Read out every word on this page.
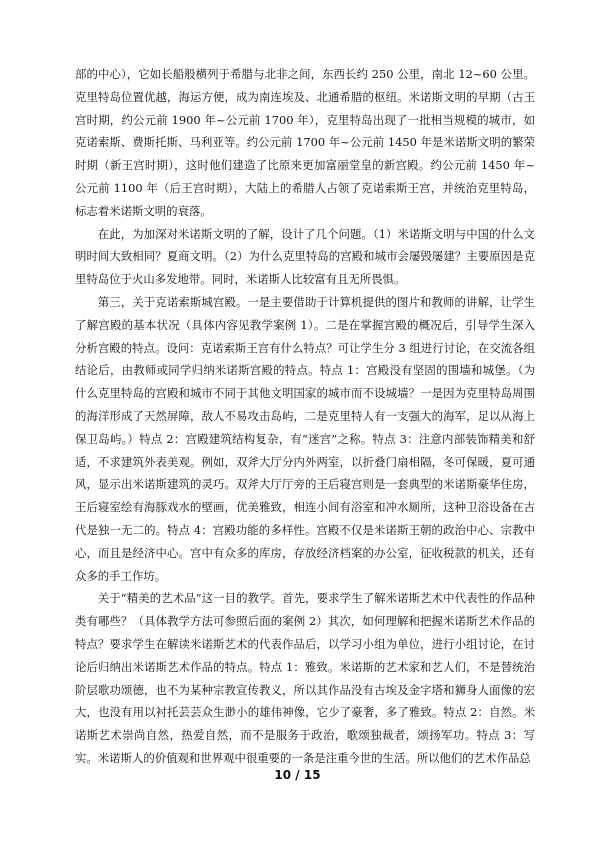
部的中心），它如长船般横列于希腊与北非之间，东西长约 250 公里，南北 12~60 公里。克里特岛位置优越，海运方便，成为南连埃及、北通希腊的枢纽。米诺斯文明的早期（古王宫时期，约公元前 1900 年~公元前 1700 年），克里特岛出现了一批相当规模的城市，如克诺索斯、费斯托斯、马利亚等。约公元前 1700 年~公元前 1450 年是米诺斯文明的繁荣时期（新王宫时期），这时他们建造了比原来更加富丽堂皇的新宫殿。约公元前 1450 年~公元前 1100 年（后王宫时期），大陆上的希腊人占领了克诺索斯王宫，并统治克里特岛，标志着米诺斯文明的衰落。

在此，为加深对米诺斯文明的了解，设计了几个问题。（1）米诺斯文明与中国的什么文明时间大致相同？夏商文明。（2）为什么克里特岛的宫殿和城市会屡毁屡建？主要原因是克里特岛位于火山多发地带。同时，米诺斯人比较富有且无所畏惧。

第三，关于克诺索斯城宫殿。一是主要借助于计算机提供的图片和教师的讲解，让学生了解宫殿的基本状况（具体内容见教学案例 1）。二是在掌握宫殿的概况后，引导学生深入分析宫殿的特点。设问：克诺索斯王宫有什么特点？可让学生分 3 组进行讨论，在交流各组结论后，由教师或同学归纳米诺斯宫殿的特点。特点 1：宫殿没有坚固的围墙和城堡。（为什么克里特岛的宫殿和城市不同于其他文明国家的城市而不设城墙？一是因为克里特岛周围的海洋形成了天然屏障，敌人不易攻击岛屿，二是克里特人有一支强大的海军，足以从海上保卫岛屿。）特点 2：宫殿建筑结构复杂，有“迷宫”之称。特点 3：注意内部装饰精美和舒适，不求建筑外表美观。例如，双斧大厅分内外两室，以折叠门扇相隔，冬可保暖，夏可通风，显示出米诺斯建筑的灵巧。双斧大厅厅旁的王后寝宫则是一套典型的米诺斯豪华住房，王后寝室绘有海豚戏水的壁画，优美雅致，相连小间有浴室和冲水厕所，这种卫浴设备在古代是独一无二的。特点 4：宫殿功能的多样性。宫殿不仅是米诺斯王朝的政治中心、宗教中心，而且是经济中心。宫中有众多的库房，存放经济档案的办公室，征收税款的机关，还有众多的手工作坊。

关于“精美的艺术品”这一目的教学。首先，要求学生了解米诺斯艺术中代表性的作品种类有哪些？（具体教学方法可参照后面的案例 2）其次，如何理解和把握米诺斯艺术作品的特点？要求学生在解读米诺斯艺术的代表作品后，以学习小组为单位，进行小组讨论，在讨论后归纳出米诺斯艺术作品的特点。特点 1：雅致。米诺斯的艺术家和艺人们，不是替统治阶层歌功颂德，也不为某种宗教宣传教义，所以其作品没有古埃及金字塔和狮身人面像的宏大，也没有用以衬托芸芸众生渺小的雄伟神像，它少了豪奢，多了雅致。特点 2：自然。米诺斯艺术崇尚自然，热爱自然，而不是服务于政治，歌颂独裁者，颂扬军功。特点 3：写实。米诺斯人的价值观和世界观中很重要的一条是注重今世的生活。所以他们的艺术作品总

10 / 15
